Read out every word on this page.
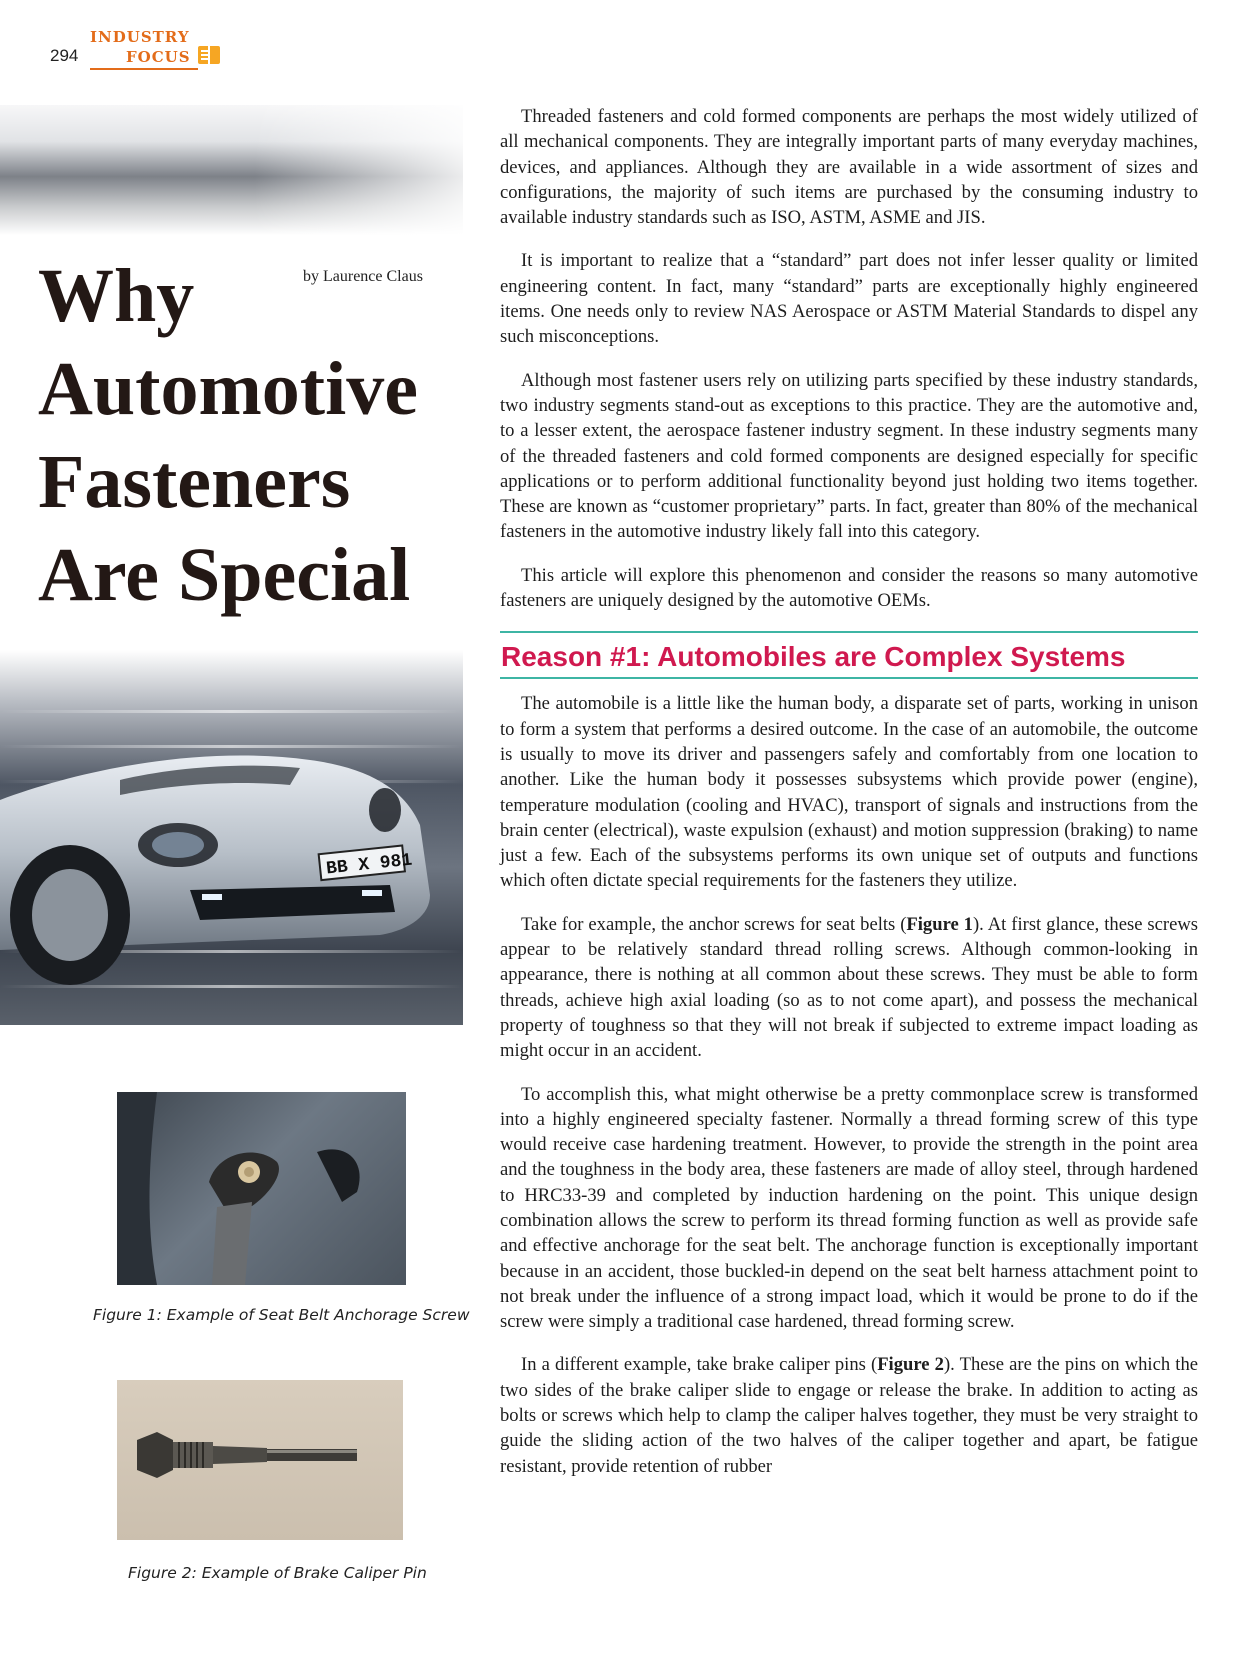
294
INDUSTRY
FOCUS
Why
Automotive
Fasteners
Are Special
by Laurence Claus
BB X 981
Figure 1: Example of Seat Belt Anchorage Screw
Figure 2: Example of Brake Caliper Pin

Threaded fasteners and cold formed components are perhaps the most widely utilized of all mechanical components. They are integrally important parts of many everyday machines, devices, and appliances. Although they are available in a wide assortment of sizes and configurations, the majority of such items are purchased by the consuming industry to available industry standards such as ISO, ASTM, ASME and JIS.

It is important to realize that a “standard” part does not infer lesser quality or limited engineering content. In fact, many “standard” parts are exceptionally highly engineered items. One needs only to review NAS Aerospace or ASTM Material Standards to dispel any such misconceptions.

Although most fastener users rely on utilizing parts specified by these industry standards, two industry segments stand-out as exceptions to this practice. They are the automotive and, to a lesser extent, the aerospace fastener industry segment. In these industry segments many of the threaded fasteners and cold formed components are designed especially for specific applications or to perform additional functionality beyond just holding two items together. These are known as “customer proprietary” parts. In fact, greater than 80% of the mechanical fasteners in the automotive industry likely fall into this category.

This article will explore this phenomenon and consider the reasons so many automotive fasteners are uniquely designed by the automotive OEMs.

Reason #1: Automobiles are Complex Systems

The automobile is a little like the human body, a disparate set of parts, working in unison to form a system that performs a desired outcome. In the case of an automobile, the outcome is usually to move its driver and passengers safely and comfortably from one location to another. Like the human body it possesses subsystems which provide power (engine), temperature modulation (cooling and HVAC), transport of signals and instructions from the brain center (electrical), waste expulsion (exhaust) and motion suppression (braking) to name just a few. Each of the subsystems performs its own unique set of outputs and functions which often dictate special requirements for the fasteners they utilize.

Take for example, the anchor screws for seat belts (Figure 1). At first glance, these screws appear to be relatively standard thread rolling screws. Although common-looking in appearance, there is nothing at all common about these screws. They must be able to form threads, achieve high axial loading (so as to not come apart), and possess the mechanical property of toughness so that they will not break if subjected to extreme impact loading as might occur in an accident.

To accomplish this, what might otherwise be a pretty commonplace screw is transformed into a highly engineered specialty fastener. Normally a thread forming screw of this type would receive case hardening treatment. However, to provide the strength in the point area and the toughness in the body area, these fasteners are made of alloy steel, through hardened to HRC33-39 and completed by induction hardening on the point. This unique design combination allows the screw to perform its thread forming function as well as provide safe and effective anchorage for the seat belt. The anchorage function is exceptionally important because in an accident, those buckled-in depend on the seat belt harness attachment point to not break under the influence of a strong impact load, which it would be prone to do if the screw were simply a traditional case hardened, thread forming screw.

In a different example, take brake caliper pins (Figure 2). These are the pins on which the two sides of the brake caliper slide to engage or release the brake. In addition to acting as bolts or screws which help to clamp the caliper halves together, they must be very straight to guide the sliding action of the two halves of the caliper together and apart, be fatigue resistant, provide retention of rubber
